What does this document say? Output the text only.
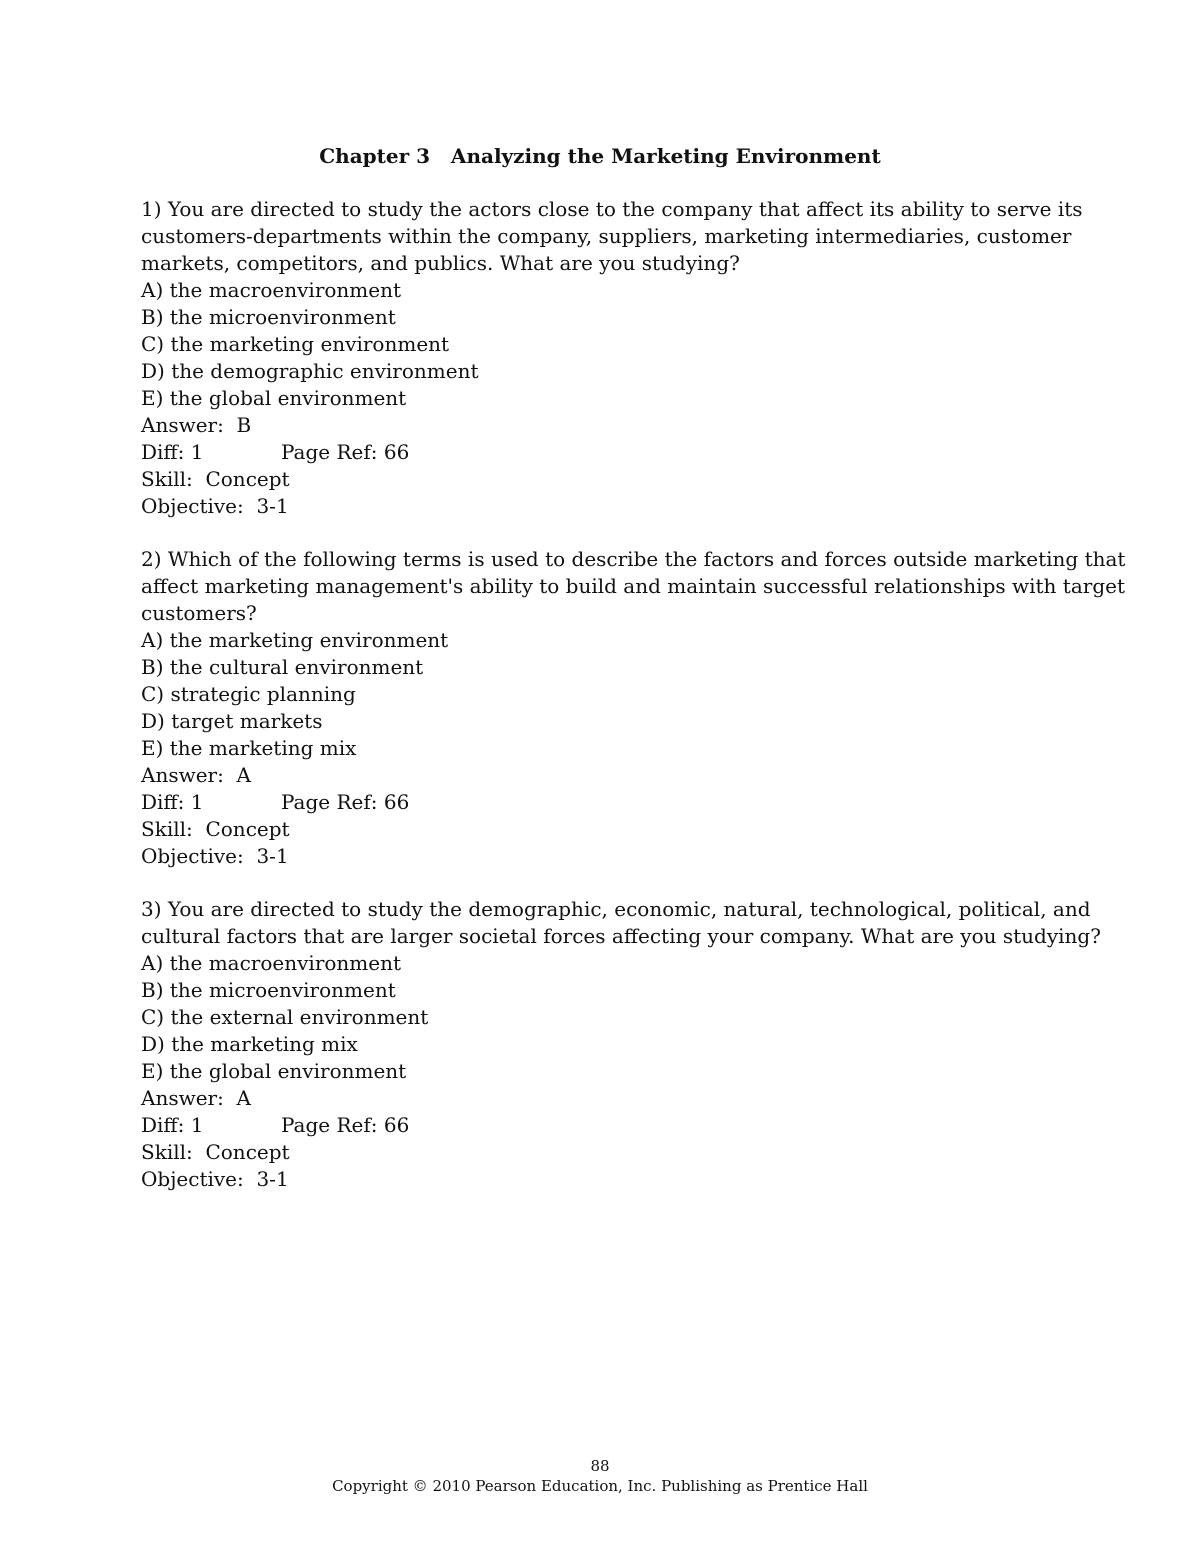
Chapter 3   Analyzing the Marketing Environment
1) You are directed to study the actors close to the company that affect its ability to serve its
customers-departments within the company, suppliers, marketing intermediaries, customer
markets, competitors, and publics. What are you studying?
A) the macroenvironment
B) the microenvironment
C) the marketing environment
D) the demographic environment
E) the global environment
Answer:  B
Diff: 1	Page Ref: 66
Skill:  Concept
Objective:  3-1
2) Which of the following terms is used to describe the factors and forces outside marketing that
affect marketing management's ability to build and maintain successful relationships with target
customers?
A) the marketing environment
B) the cultural environment
C) strategic planning
D) target markets
E) the marketing mix
Answer:  A
Diff: 1	Page Ref: 66
Skill:  Concept
Objective:  3-1
3) You are directed to study the demographic, economic, natural, technological, political, and
cultural factors that are larger societal forces affecting your company. What are you studying?
A) the macroenvironment
B) the microenvironment
C) the external environment
D) the marketing mix
E) the global environment
Answer:  A
Diff: 1	Page Ref: 66
Skill:  Concept
Objective:  3-1
88
Copyright © 2010 Pearson Education, Inc. Publishing as Prentice Hall
